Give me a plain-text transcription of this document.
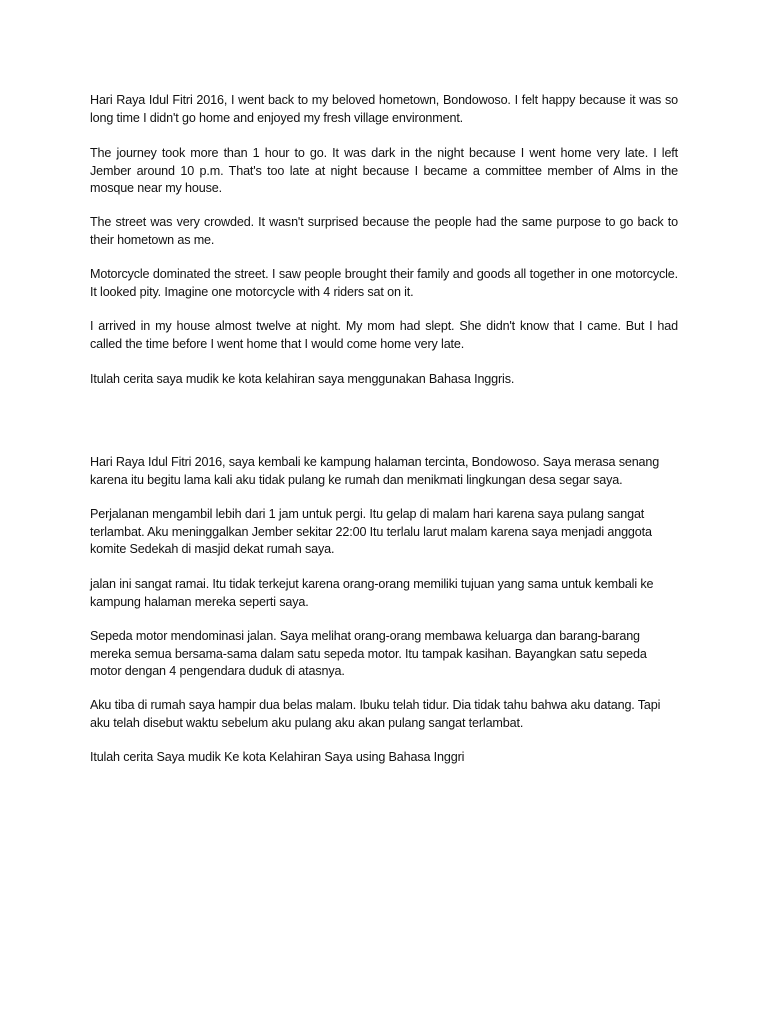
Hari Raya Idul Fitri 2016, I went back to my beloved hometown, Bondowoso. I felt happy because it was so long time I didn't go home and enjoyed my fresh village environment.

The journey took more than 1 hour to go. It was dark in the night because I went home very late. I left Jember around 10 p.m. That's too late at night because I became a committee member of Alms in the mosque near my house.

The street was very crowded. It wasn't surprised because the people had the same purpose to go back to their hometown as me.

Motorcycle dominated the street. I saw people brought their family and goods all together in one motorcycle. It looked pity. Imagine one motorcycle with 4 riders sat on it.

I arrived in my house almost twelve at night. My mom had slept. She didn't know that I came. But I had called the time before I went home that I would come home very late.

Itulah cerita saya mudik ke kota kelahiran saya menggunakan Bahasa Inggris.

Hari Raya Idul Fitri 2016, saya kembali ke kampung halaman tercinta, Bondowoso. Saya merasa senang karena itu begitu lama kali aku tidak pulang ke rumah dan menikmati lingkungan desa segar saya.

Perjalanan mengambil lebih dari 1 jam untuk pergi. Itu gelap di malam hari karena saya pulang sangat terlambat. Aku meninggalkan Jember sekitar 22:00 Itu terlalu larut malam karena saya menjadi anggota komite Sedekah di masjid dekat rumah saya.

jalan ini sangat ramai. Itu tidak terkejut karena orang-orang memiliki tujuan yang sama untuk kembali ke kampung halaman mereka seperti saya.

Sepeda motor mendominasi jalan. Saya melihat orang-orang membawa keluarga dan barang-barang mereka semua bersama-sama dalam satu sepeda motor. Itu tampak kasihan. Bayangkan satu sepeda motor dengan 4 pengendara duduk di atasnya.

Aku tiba di rumah saya hampir dua belas malam. Ibuku telah tidur. Dia tidak tahu bahwa aku datang. Tapi aku telah disebut waktu sebelum aku pulang aku akan pulang sangat terlambat.

Itulah cerita Saya mudik Ke kota Kelahiran Saya using Bahasa Inggri
